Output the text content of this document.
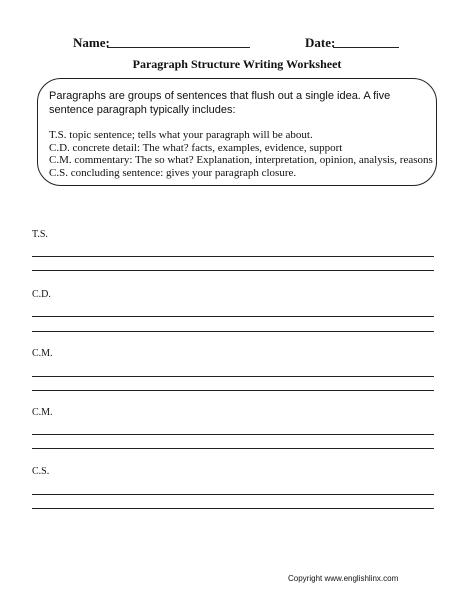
Name:	Date:
Paragraph Structure Writing Worksheet
Paragraphs are groups of sentences that flush out a single idea. A five sentence paragraph typically includes:
T.S. topic sentence; tells what your paragraph will be about.
C.D. concrete detail: The what? facts, examples, evidence, support
C.M. commentary: The so what? Explanation, interpretation, opinion, analysis, reasons
C.S. concluding sentence: gives your paragraph closure.
T.S.
C.D.
C.M.
C.M.
C.S.
Copyright www.englishlinx.com
